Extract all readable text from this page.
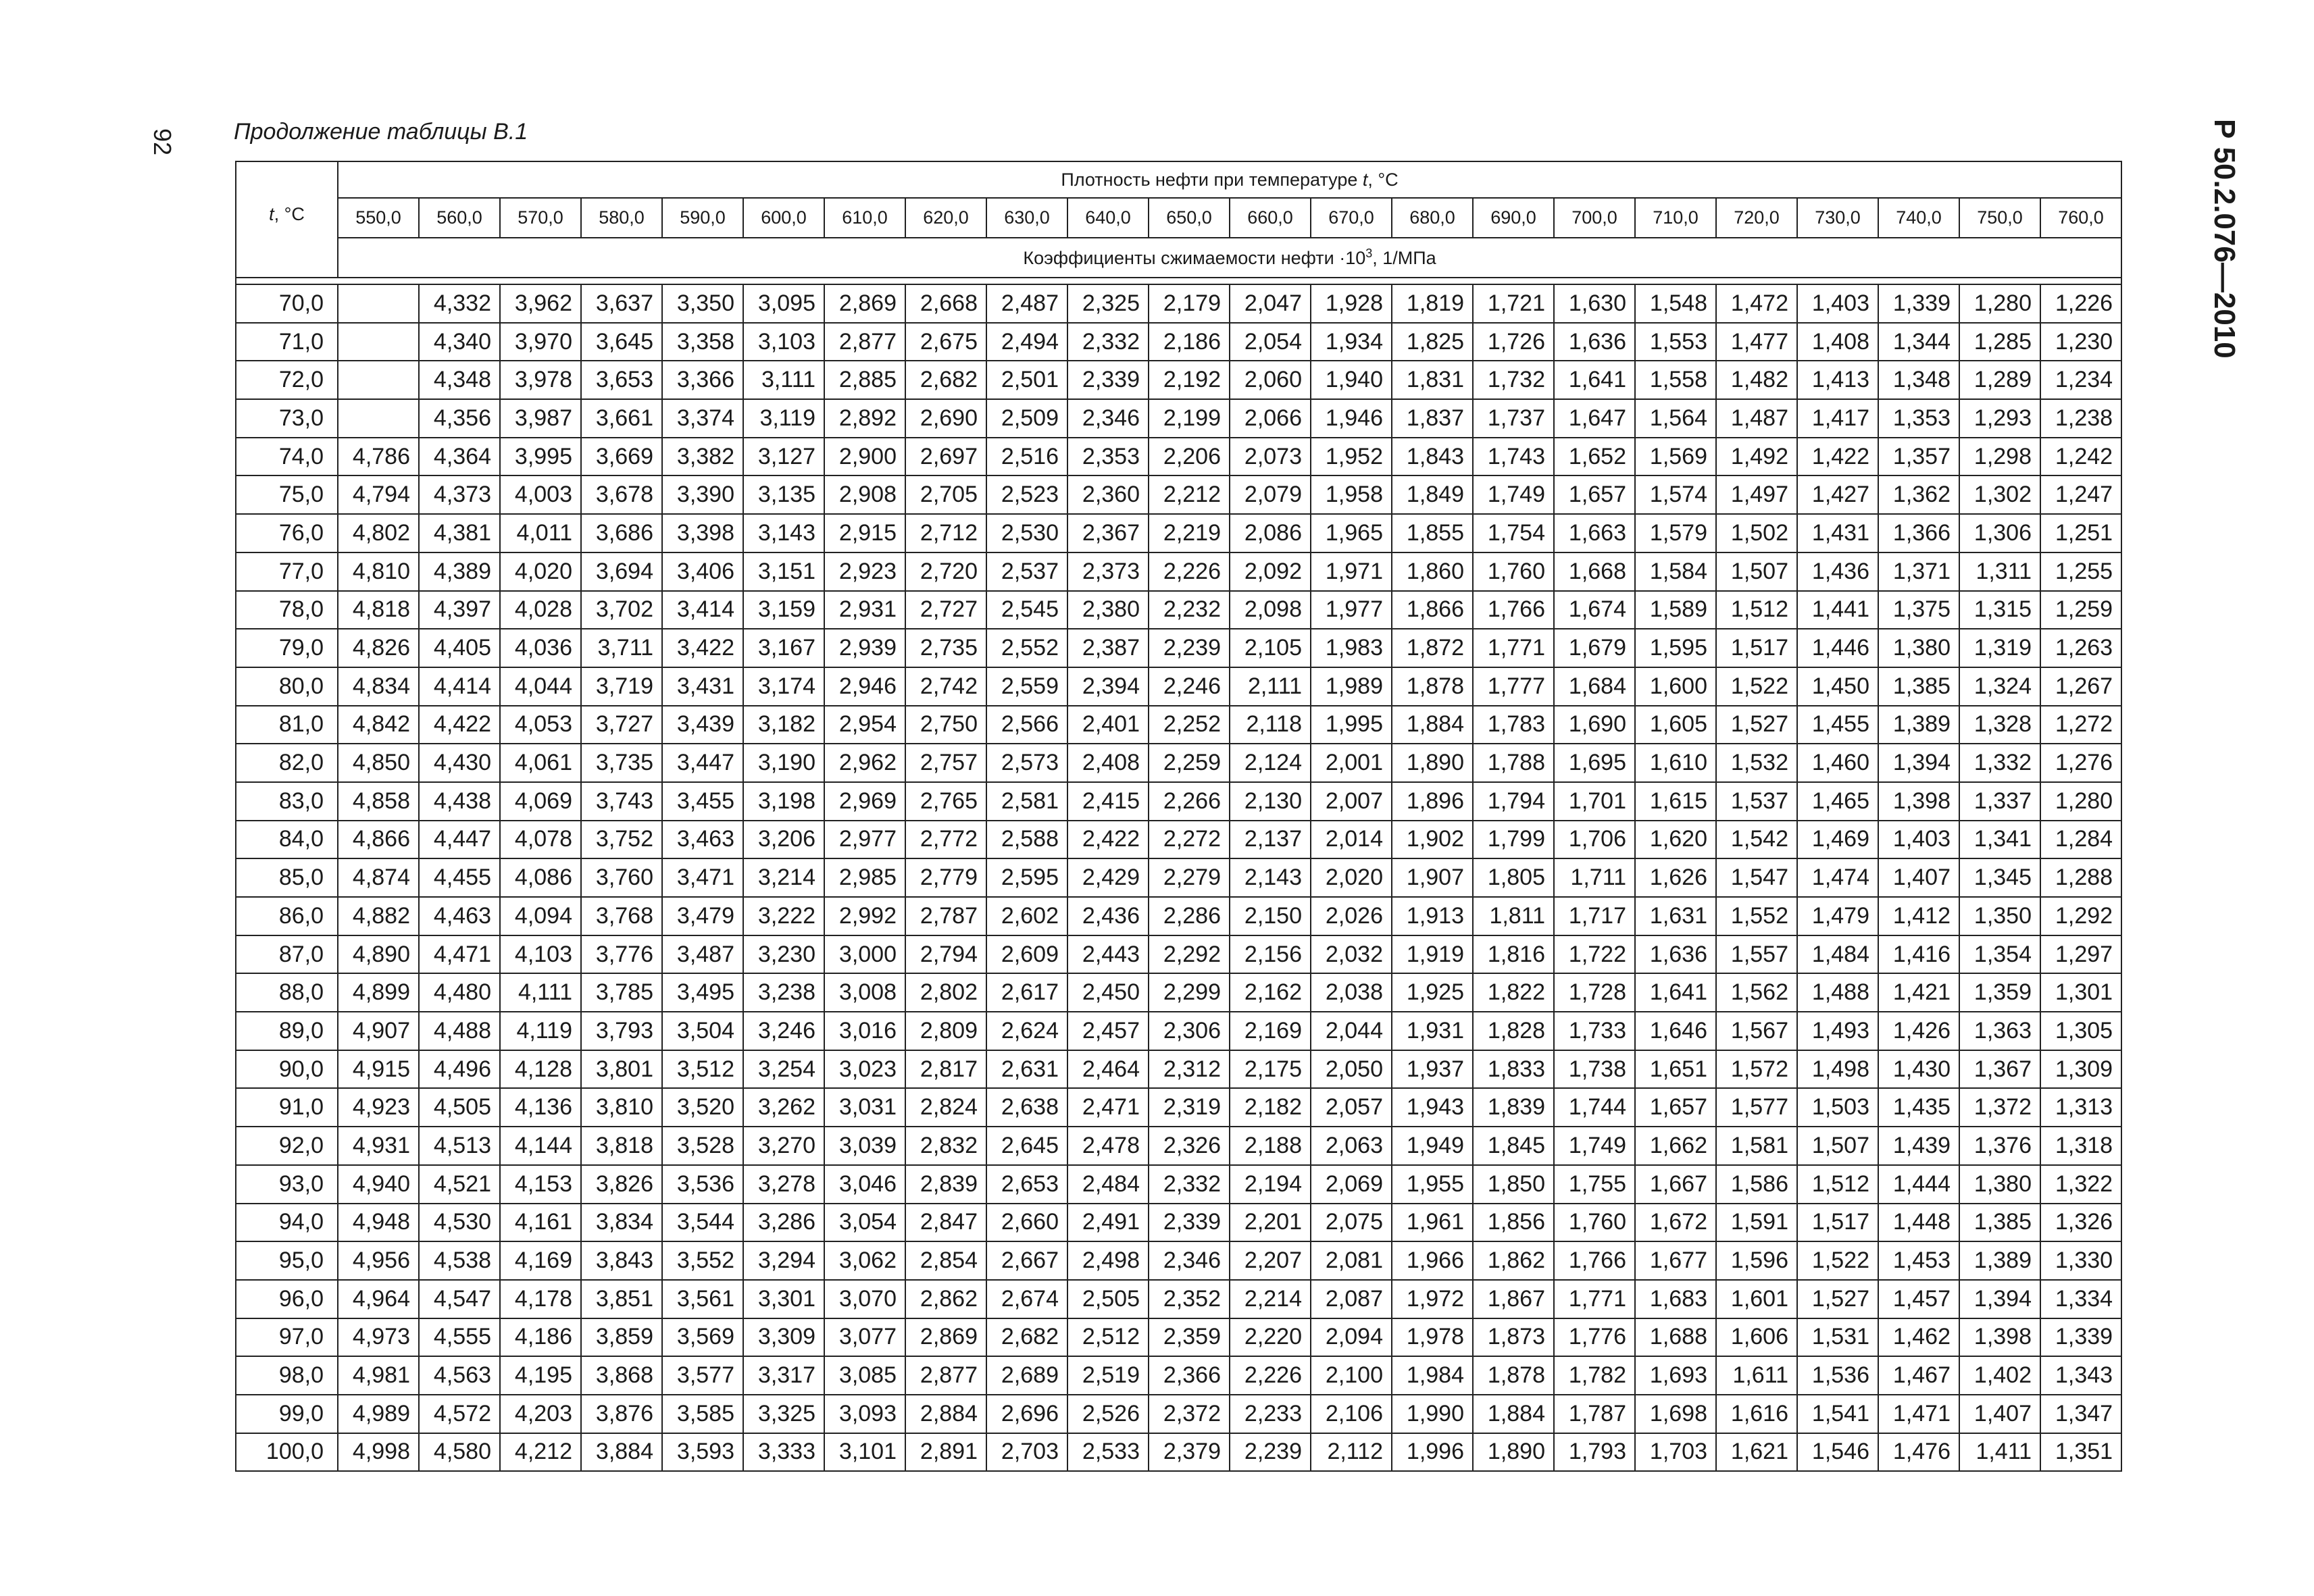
92	Продолжение таблицы В.1	Р 50.2.076—2010
t, °C	Плотность нефти при температуре t, °C																					
	550,0	560,0	570,0	580,0	590,0	600,0	610,0	620,0	630,0	640,0	650,0	660,0	670,0	680,0	690,0	700,0	710,0	720,0	730,0	740,0	750,0	760,0
	Коэффициенты сжимаемости нефти $\cdot 10^3$, 1/МПа																					

70,0		4,332	3,962	3,637	3,350	3,095	2,869	2,668	2,487	2,325	2,179	2,047	1,928	1,819	1,721	1,630	1,548	1,472	1,403	1,339	1,280	1,226
71,0		4,340	3,970	3,645	3,358	3,103	2,877	2,675	2,494	2,332	2,186	2,054	1,934	1,825	1,726	1,636	1,553	1,477	1,408	1,344	1,285	1,230
72,0		4,348	3,978	3,653	3,366	3,111	2,885	2,682	2,501	2,339	2,192	2,060	1,940	1,831	1,732	1,641	1,558	1,482	1,413	1,348	1,289	1,234
73,0		4,356	3,987	3,661	3,374	3,119	2,892	2,690	2,509	2,346	2,199	2,066	1,946	1,837	1,737	1,647	1,564	1,487	1,417	1,353	1,293	1,238
74,0	4,786	4,364	3,995	3,669	3,382	3,127	2,900	2,697	2,516	2,353	2,206	2,073	1,952	1,843	1,743	1,652	1,569	1,492	1,422	1,357	1,298	1,242
75,0	4,794	4,373	4,003	3,678	3,390	3,135	2,908	2,705	2,523	2,360	2,212	2,079	1,958	1,849	1,749	1,657	1,574	1,497	1,427	1,362	1,302	1,247
76,0	4,802	4,381	4,011	3,686	3,398	3,143	2,915	2,712	2,530	2,367	2,219	2,086	1,965	1,855	1,754	1,663	1,579	1,502	1,431	1,366	1,306	1,251
77,0	4,810	4,389	4,020	3,694	3,406	3,151	2,923	2,720	2,537	2,373	2,226	2,092	1,971	1,860	1,760	1,668	1,584	1,507	1,436	1,371	1,311	1,255
78,0	4,818	4,397	4,028	3,702	3,414	3,159	2,931	2,727	2,545	2,380	2,232	2,098	1,977	1,866	1,766	1,674	1,589	1,512	1,441	1,375	1,315	1,259
79,0	4,826	4,405	4,036	3,711	3,422	3,167	2,939	2,735	2,552	2,387	2,239	2,105	1,983	1,872	1,771	1,679	1,595	1,517	1,446	1,380	1,319	1,263
80,0	4,834	4,414	4,044	3,719	3,431	3,174	2,946	2,742	2,559	2,394	2,246	2,111	1,989	1,878	1,777	1,684	1,600	1,522	1,450	1,385	1,324	1,267
81,0	4,842	4,422	4,053	3,727	3,439	3,182	2,954	2,750	2,566	2,401	2,252	2,118	1,995	1,884	1,783	1,690	1,605	1,527	1,455	1,389	1,328	1,272
82,0	4,850	4,430	4,061	3,735	3,447	3,190	2,962	2,757	2,573	2,408	2,259	2,124	2,001	1,890	1,788	1,695	1,610	1,532	1,460	1,394	1,332	1,276
83,0	4,858	4,438	4,069	3,743	3,455	3,198	2,969	2,765	2,581	2,415	2,266	2,130	2,007	1,896	1,794	1,701	1,615	1,537	1,465	1,398	1,337	1,280
84,0	4,866	4,447	4,078	3,752	3,463	3,206	2,977	2,772	2,588	2,422	2,272	2,137	2,014	1,902	1,799	1,706	1,620	1,542	1,469	1,403	1,341	1,284
85,0	4,874	4,455	4,086	3,760	3,471	3,214	2,985	2,779	2,595	2,429	2,279	2,143	2,020	1,907	1,805	1,711	1,626	1,547	1,474	1,407	1,345	1,288
86,0	4,882	4,463	4,094	3,768	3,479	3,222	2,992	2,787	2,602	2,436	2,286	2,150	2,026	1,913	1,811	1,717	1,631	1,552	1,479	1,412	1,350	1,292
87,0	4,890	4,471	4,103	3,776	3,487	3,230	3,000	2,794	2,609	2,443	2,292	2,156	2,032	1,919	1,816	1,722	1,636	1,557	1,484	1,416	1,354	1,297
88,0	4,899	4,480	4,111	3,785	3,495	3,238	3,008	2,802	2,617	2,450	2,299	2,162	2,038	1,925	1,822	1,728	1,641	1,562	1,488	1,421	1,359	1,301
89,0	4,907	4,488	4,119	3,793	3,504	3,246	3,016	2,809	2,624	2,457	2,306	2,169	2,044	1,931	1,828	1,733	1,646	1,567	1,493	1,426	1,363	1,305
90,0	4,915	4,496	4,128	3,801	3,512	3,254	3,023	2,817	2,631	2,464	2,312	2,175	2,050	1,937	1,833	1,738	1,651	1,572	1,498	1,430	1,367	1,309
91,0	4,923	4,505	4,136	3,810	3,520	3,262	3,031	2,824	2,638	2,471	2,319	2,182	2,057	1,943	1,839	1,744	1,657	1,577	1,503	1,435	1,372	1,313
92,0	4,931	4,513	4,144	3,818	3,528	3,270	3,039	2,832	2,645	2,478	2,326	2,188	2,063	1,949	1,845	1,749	1,662	1,581	1,507	1,439	1,376	1,318
93,0	4,940	4,521	4,153	3,826	3,536	3,278	3,046	2,839	2,653	2,484	2,332	2,194	2,069	1,955	1,850	1,755	1,667	1,586	1,512	1,444	1,380	1,322
94,0	4,948	4,530	4,161	3,834	3,544	3,286	3,054	2,847	2,660	2,491	2,339	2,201	2,075	1,961	1,856	1,760	1,672	1,591	1,517	1,448	1,385	1,326
95,0	4,956	4,538	4,169	3,843	3,552	3,294	3,062	2,854	2,667	2,498	2,346	2,207	2,081	1,966	1,862	1,766	1,677	1,596	1,522	1,453	1,389	1,330
96,0	4,964	4,547	4,178	3,851	3,561	3,301	3,070	2,862	2,674	2,505	2,352	2,214	2,087	1,972	1,867	1,771	1,683	1,601	1,527	1,457	1,394	1,334
97,0	4,973	4,555	4,186	3,859	3,569	3,309	3,077	2,869	2,682	2,512	2,359	2,220	2,094	1,978	1,873	1,776	1,688	1,606	1,531	1,462	1,398	1,339
98,0	4,981	4,563	4,195	3,868	3,577	3,317	3,085	2,877	2,689	2,519	2,366	2,226	2,100	1,984	1,878	1,782	1,693	1,611	1,536	1,467	1,402	1,343
99,0	4,989	4,572	4,203	3,876	3,585	3,325	3,093	2,884	2,696	2,526	2,372	2,233	2,106	1,990	1,884	1,787	1,698	1,616	1,541	1,471	1,407	1,347
100,0	4,998	4,580	4,212	3,884	3,593	3,333	3,101	2,891	2,703	2,533	2,379	2,239	2,112	1,996	1,890	1,793	1,703	1,621	1,546	1,476	1,411	1,351
